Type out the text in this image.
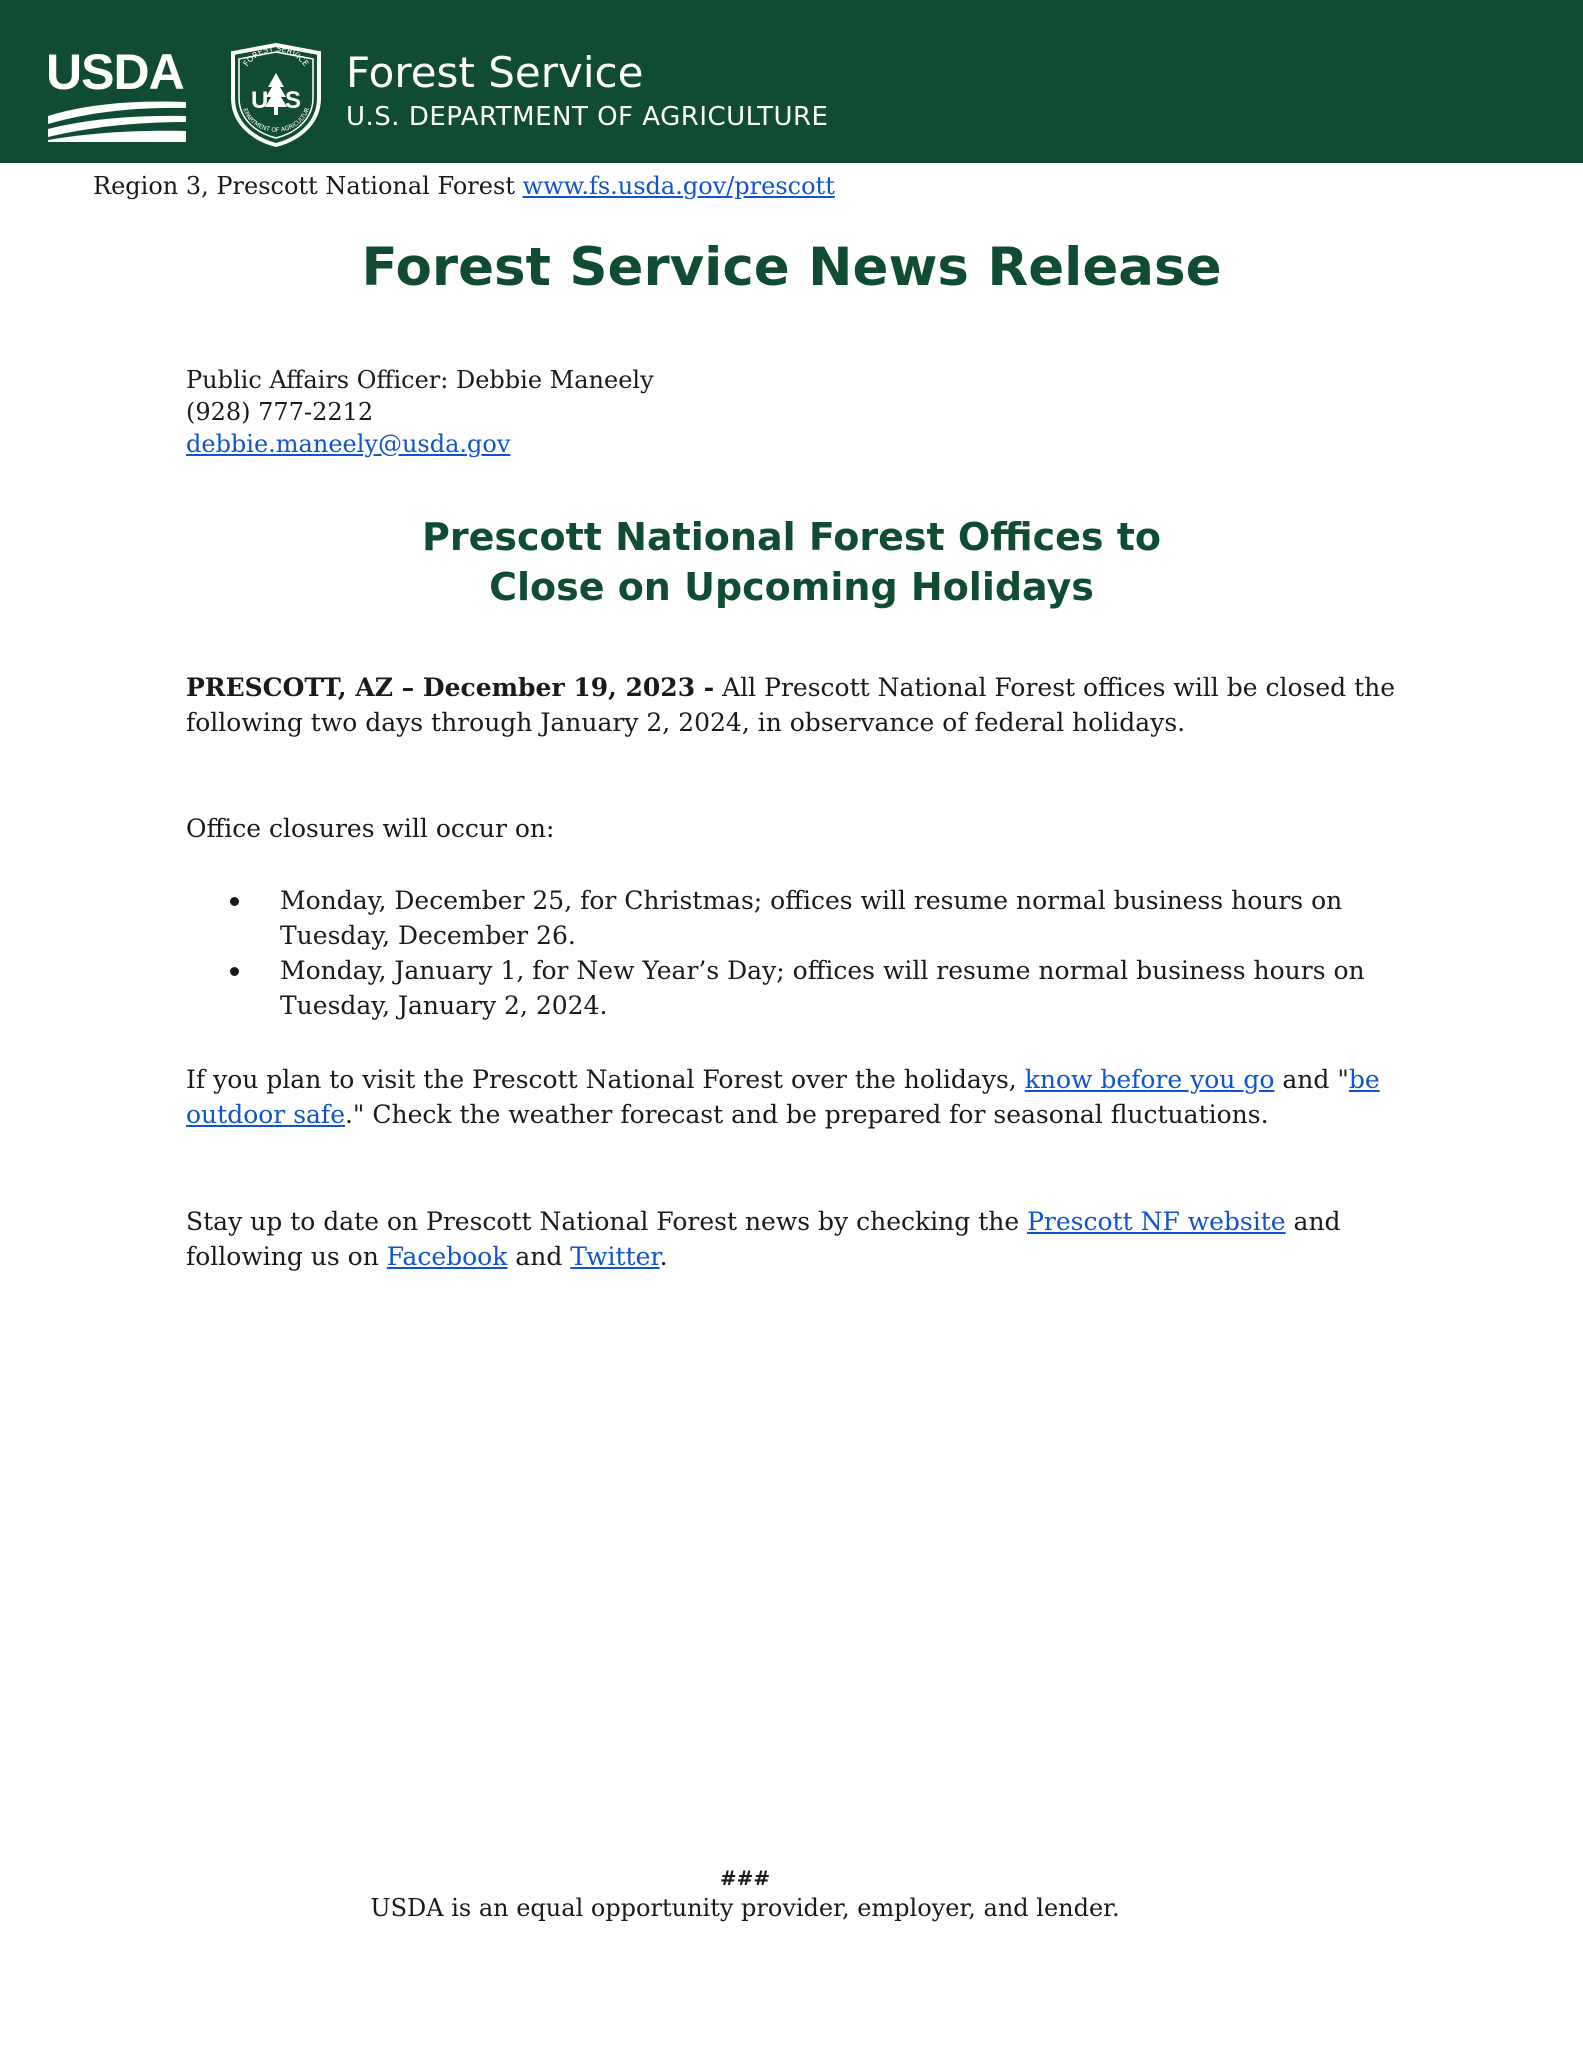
USDA	FOREST SERVICE
EPARTMENT OF AGRICULTUR
U S
Forest Service
U.S. DEPARTMENT OF AGRICULTURE
Region 3, Prescott National Forest www.fs.usda.gov/prescott
Forest Service News Release
Public Affairs Officer: Debbie Maneely
(928) 777-2212
debbie.maneely@usda.gov
Prescott National Forest Offices to
Close on Upcoming Holidays
PRESCOTT, AZ – December 19, 2023 - All Prescott National Forest offices will be closed the following two days through January 2, 2024, in observance of federal holidays.
Office closures will occur on:
Monday, December 25, for Christmas; offices will resume normal business hours on Tuesday, December 26.
Monday, January 1, for New Year’s Day; offices will resume normal business hours on Tuesday, January 2, 2024.
If you plan to visit the Prescott National Forest over the holidays, know before you go and "be outdoor safe." Check the weather forecast and be prepared for seasonal fluctuations.
Stay up to date on Prescott National Forest news by checking the Prescott NF website and following us on Facebook and Twitter.
###
USDA is an equal opportunity provider, employer, and lender.
